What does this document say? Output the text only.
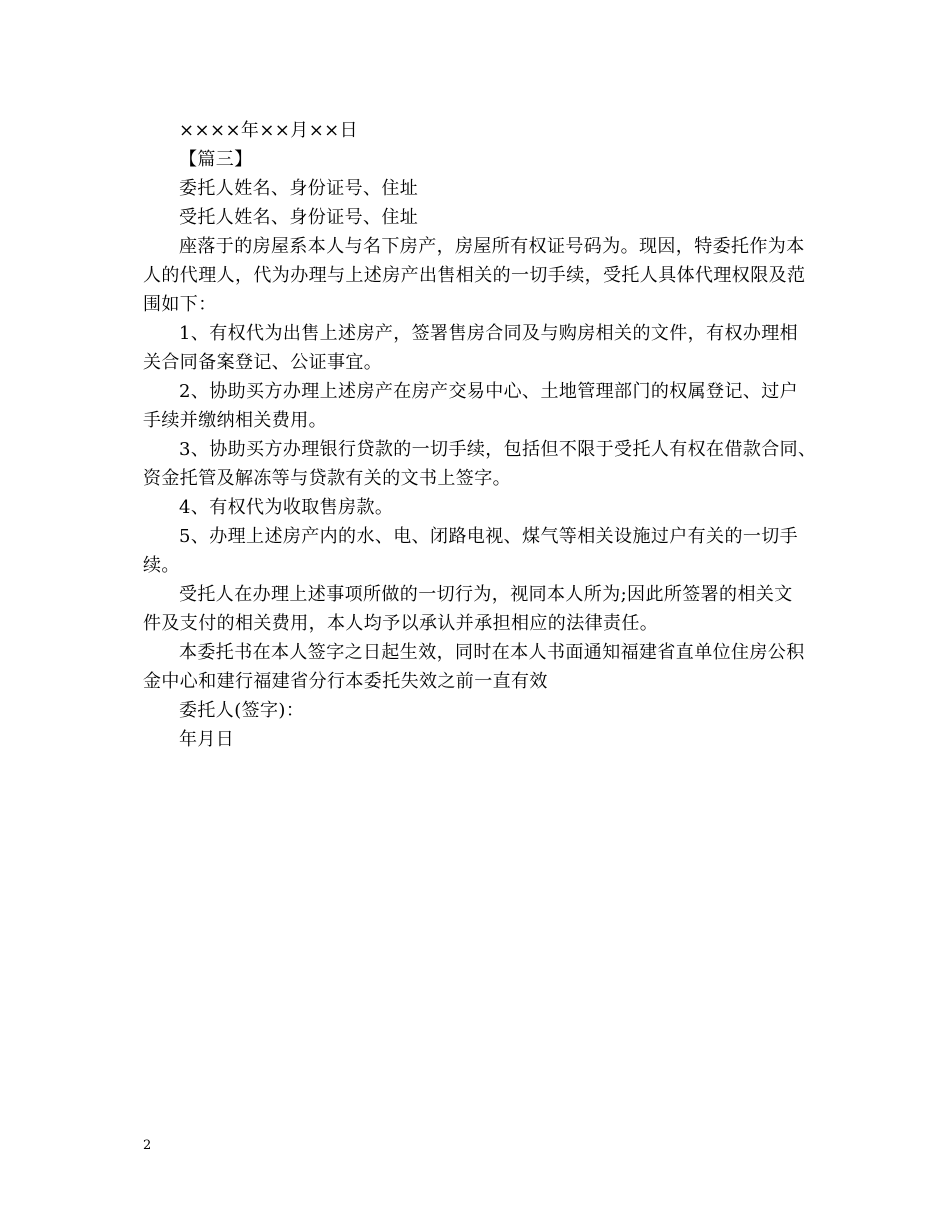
××××年××月××日
【篇三】
委托人姓名、身份证号、住址
受托人姓名、身份证号、住址
座落于的房屋系本人与名下房产，房屋所有权证号码为。现因，特委托作为本
人的代理人，代为办理与上述房产出售相关的一切手续，受托人具体代理权限及范
围如下：
1、有权代为出售上述房产，签署售房合同及与购房相关的文件，有权办理相
关合同备案登记、公证事宜。
2、协助买方办理上述房产在房产交易中心、土地管理部门的权属登记、过户
手续并缴纳相关费用。
3、协助买方办理银行贷款的一切手续，包括但不限于受托人有权在借款合同、
资金托管及解冻等与贷款有关的文书上签字。
4、有权代为收取售房款。
5、办理上述房产内的水、电、闭路电视、煤气等相关设施过户有关的一切手
续。
受托人在办理上述事项所做的一切行为，视同本人所为;因此所签署的相关文
件及支付的相关费用，本人均予以承认并承担相应的法律责任。
本委托书在本人签字之日起生效，同时在本人书面通知福建省直单位住房公积
金中心和建行福建省分行本委托失效之前一直有效
委托人(签字)：
年月日
2
